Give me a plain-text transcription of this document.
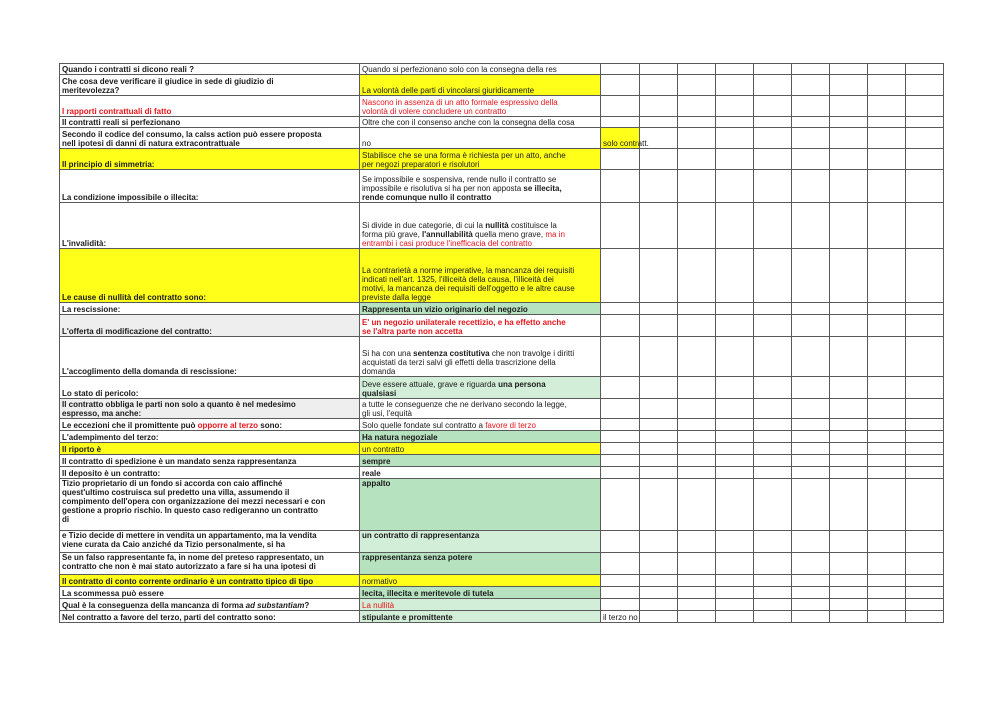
Quando i contratti si dicono reali ?	Quando si perfezionano solo con la consegna della res									
Che cosa deve verificare il giudice in sede di giudizio di
meritevolezza?	La volontà delle parti di vincolarsi giuridicamente									
I rapporti contrattuali di fatto	Nascono in assenza di un atto formale espressivo della
volontà di volere concludere un contratto									
Il contratti reali si perfezionano	Oltre che con il consenso anche con la consegna della cosa									
Secondo il codice del consumo, la calss action può essere proposta
nell ipotesi di danni di natura extracontrattuale	no	solo contratt.								
Il principio di simmetria:	Stabilisce che se una forma è richiesta per un atto, anche
per negozi preparatori e risolutori									
La condizione impossibile o illecita:	Se impossibile e sospensiva, rende nullo il contratto se
impossibile e risolutiva si ha per non apposta se illecita,
rende comunque nullo il contratto									
L'invalidità:	Si divide in due categorie, di cui la nullità costituisce la
forma più grave, l'annullabilità quella meno grave, ma in
entrambi i casi produce l'inefficacia del contratto									
Le cause di nullità del contratto sono:	La contrarietà a norme imperative, la mancanza dei requisiti
indicati nell'art. 1325, l'illiceità della causa, l'illiceità dei
motivi, la mancanza dei requisiti dell'oggetto e le altre cause
previste dalla legge									
La rescissione:	Rappresenta un vizio originario del negozio									
L'offerta di modificazione del contratto:	E' un negozio unilaterale recettizio, e ha effetto anche
se l'altra parte non accetta									
L'accoglimento della domanda di rescissione:	Si ha con una sentenza costitutiva che non travolge i diritti
acquistati da terzi salvi gli effetti della trascrizione della
domanda									
Lo stato di pericolo:	Deve essere attuale, grave e riguarda una persona
qualsiasi									
Il contratto obbliga le parti non solo a quanto è nel medesimo
espresso, ma anche:	a tutte le conseguenze che ne derivano secondo la legge,
gli usi, l'equità									
Le eccezioni che il promittente può opporre al terzo sono:	Solo quelle fondate sul contratto a favore di terzo									
L'adempimento del terzo:	Ha natura negoziale									
Il riporto è	un contratto									
Il contratto di spedizione è un mandato senza rappresentanza	sempre									
Il deposito è un contratto:	reale									
Tizio proprietario di un fondo si accorda con caio affinché
quest'ultimo costruisca sul predetto una villa, assumendo il
compimento dell'opera con organizzazione dei mezzi necessari e con
gestione a proprio rischio. In questo caso redigeranno un contratto
di	appalto									
e Tizio decide di mettere in vendita un appartamento, ma la vendita
viene curata da Caio anziché da Tizio personalmente, si ha	un contratto di rappresentanza									
Se un falso rappresentante fa, in nome del preteso rappresentato, un
contratto che non è mai stato autorizzato a fare si ha una ipotesi di	rappresentanza senza potere									
Il contratto di conto corrente ordinario è un contratto tipico di tipo	normativo									
La scommessa può essere	lecita, illecita e meritevole di tutela									
Qual è la conseguenza della mancanza di forma ad substantiam?	La nullità									
Nel contratto a favore del terzo, parti del contratto sono:	stipulante e promittente	il terzo no								
